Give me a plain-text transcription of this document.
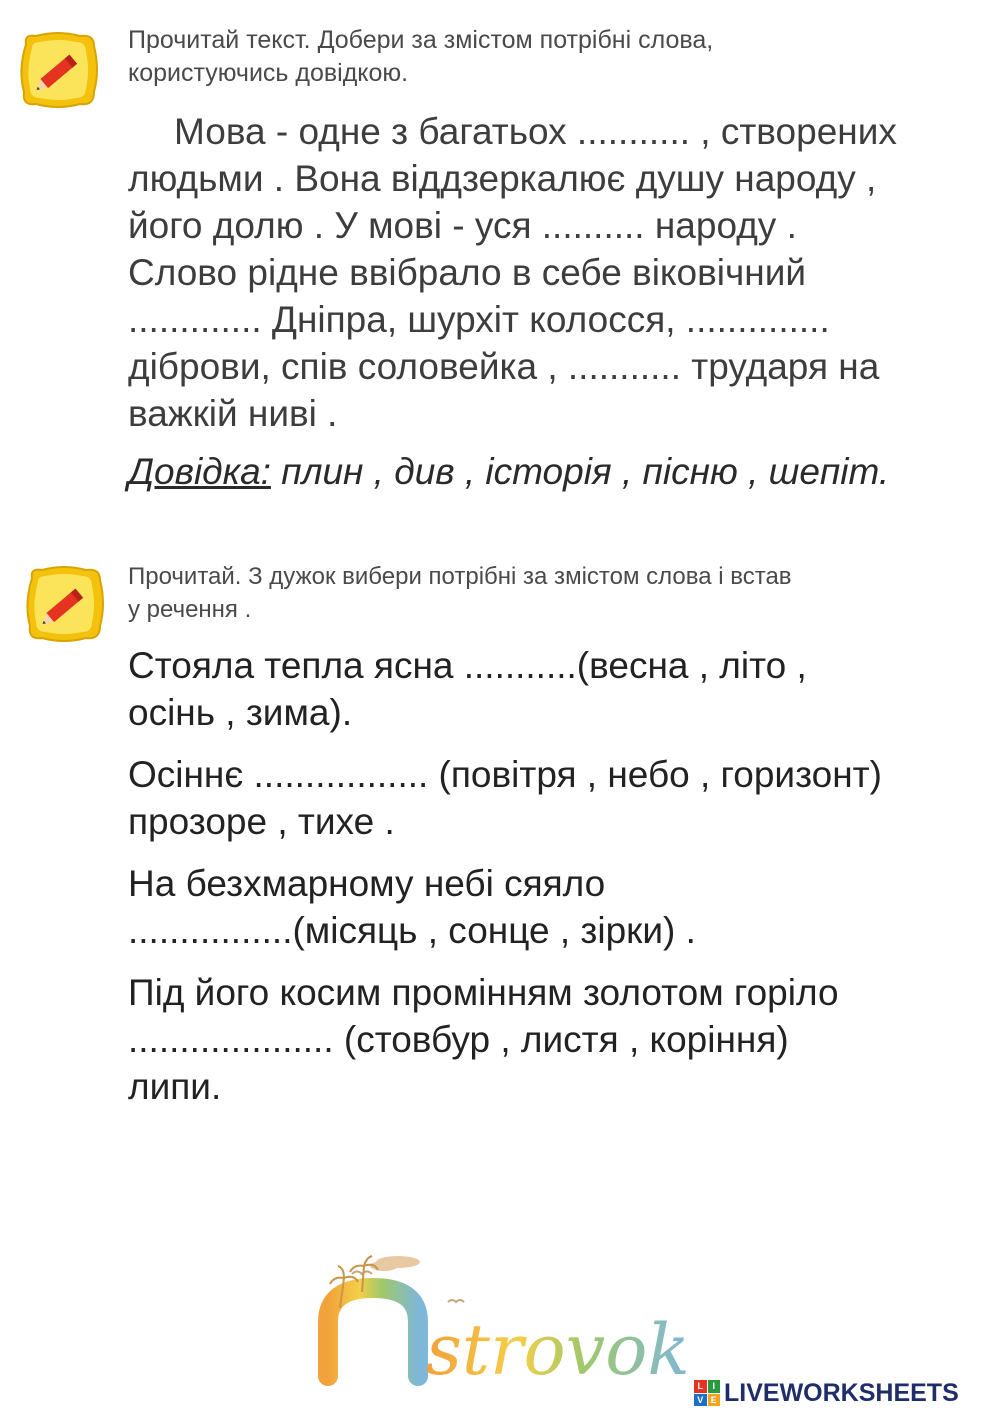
Прочитай текст. Добери за змістом потрібні слова,
користуючись довідкою.
Мова - одне з багатьох ........... , створених
людьми . Вона віддзеркалює душу народу ,
його долю . У мові - уся .......... народу .
Слово рідне ввібрало в себе віковічний
............. Дніпра, шурхіт колосся, ..............
діброви, спів соловейка , ........... трударя на
важкій ниві .
Довідка: плин , див , історія , пісню , шепіт.
Прочитай. З дужок вибери потрібні за змістом слова і встав
у речення .
Стояла тепла ясна ...........(весна , літо ,
осінь , зима).
Осіннє ................. (повітря , небо , горизонт)
прозоре , тихе .
На безхмарному небі сяяло
................(місяць , сонце , зірки) .
Під його косим промінням золотом горіло
.................... (стовбур , листя , коріння)
липи.
strovok L	I
V E LIVEWORKSHEETS
